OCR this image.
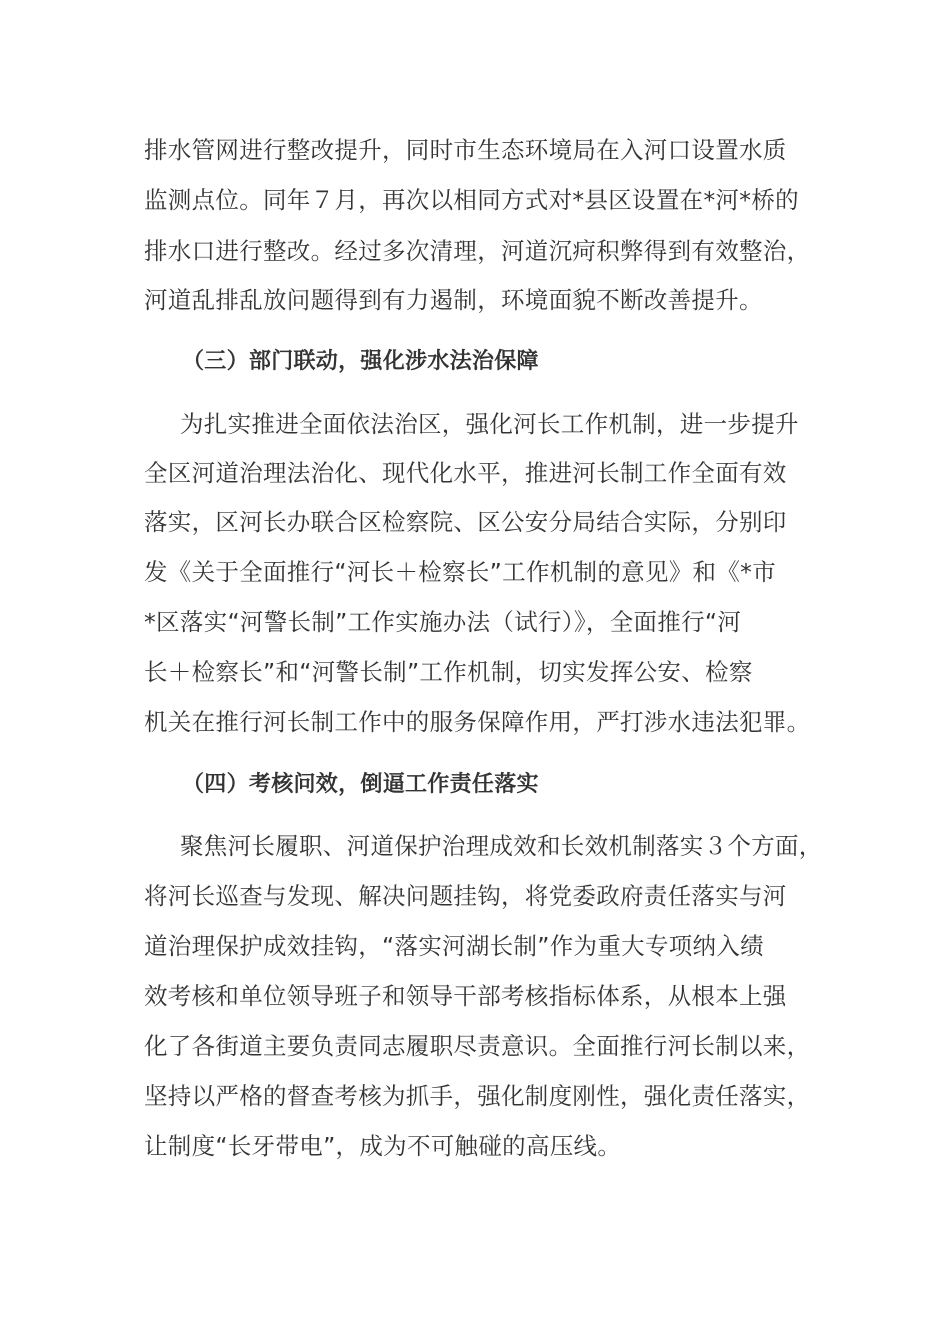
排水管网进行整改提升，同时市生态环境局在入河口设置水质
监测点位。同年７月，再次以相同方式对*县区设置在*河*桥的
排水口进行整改。经过多次清理，河道沉疴积弊得到有效整治，
河道乱排乱放问题得到有力遏制，环境面貌不断改善提升。
（三）部门联动，强化涉水法治保障
为扎实推进全面依法治区，强化河长工作机制，进一步提升
全区河道治理法治化、现代化水平，推进河长制工作全面有效
落实，区河长办联合区检察院、区公安分局结合实际，分别印
发《关于全面推行“河长＋检察长”工作机制的意见》和《*市
*区落实“河警长制”工作实施办法（试行）》，全面推行“河
长＋检察长”和“河警长制”工作机制，切实发挥公安、检察
机关在推行河长制工作中的服务保障作用，严打涉水违法犯罪。
（四）考核问效，倒逼工作责任落实
聚焦河长履职、河道保护治理成效和长效机制落实３个方面，
将河长巡查与发现、解决问题挂钩，将党委政府责任落实与河
道治理保护成效挂钩，“落实河湖长制”作为重大专项纳入绩
效考核和单位领导班子和领导干部考核指标体系，从根本上强
化了各街道主要负责同志履职尽责意识。全面推行河长制以来，
坚持以严格的督查考核为抓手，强化制度刚性，强化责任落实，
让制度“长牙带电”，成为不可触碰的高压线。
